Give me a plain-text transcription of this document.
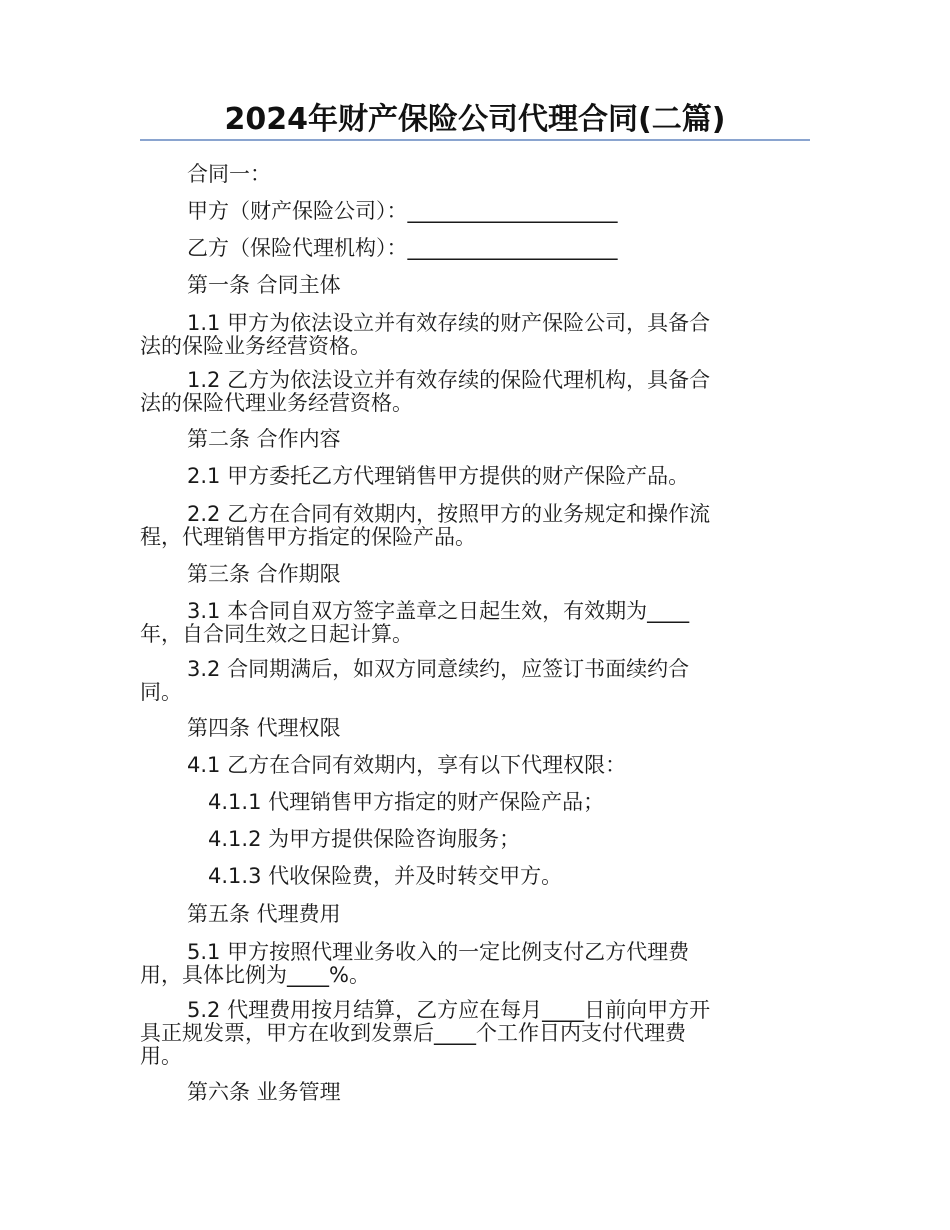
2024年财产保险公司代理合同(二篇)

合同一：

甲方（财产保险公司）：____________________

乙方（保险代理机构）：____________________

第一条 合同主体

1.1 甲方为依法设立并有效存续的财产保险公司，具备合

法的保险业务经营资格。

1.2 乙方为依法设立并有效存续的保险代理机构，具备合

法的保险代理业务经营资格。

第二条 合作内容

2.1 甲方委托乙方代理销售甲方提供的财产保险产品。

2.2 乙方在合同有效期内，按照甲方的业务规定和操作流

程，代理销售甲方指定的保险产品。

第三条 合作期限

3.1 本合同自双方签字盖章之日起生效，有效期为____

年，自合同生效之日起计算。

3.2 合同期满后，如双方同意续约，应签订书面续约合

同。

第四条 代理权限

4.1 乙方在合同有效期内，享有以下代理权限：

4.1.1 代理销售甲方指定的财产保险产品；

4.1.2 为甲方提供保险咨询服务；

4.1.3 代收保险费，并及时转交甲方。

第五条 代理费用

5.1 甲方按照代理业务收入的一定比例支付乙方代理费

用，具体比例为____%。

5.2 代理费用按月结算，乙方应在每月____日前向甲方开

具正规发票，甲方在收到发票后____个工作日内支付代理费

用。

第六条 业务管理
